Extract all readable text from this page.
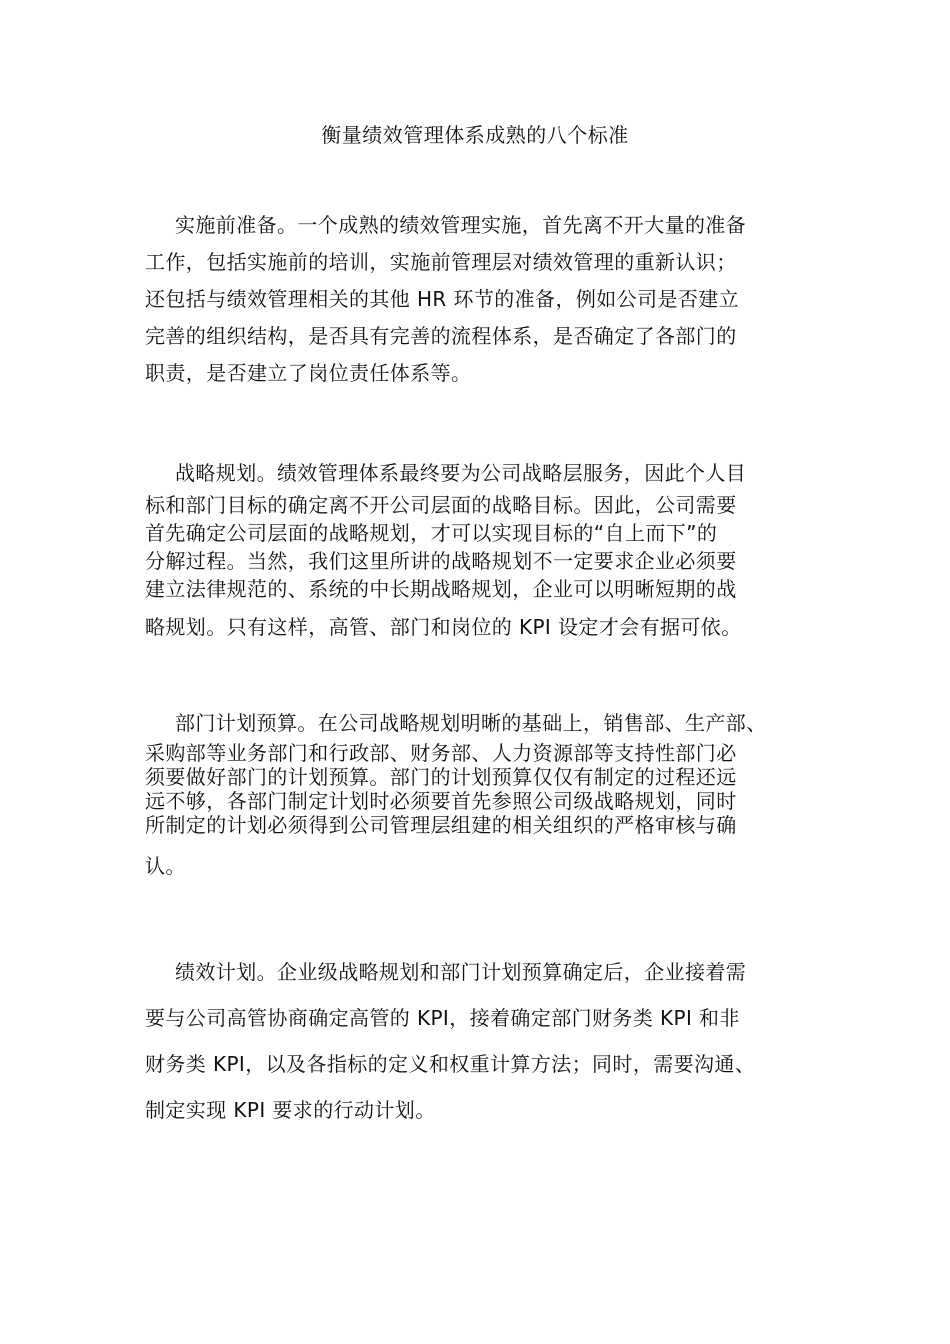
衡量绩效管理体系成熟的八个标准
实施前准备。一个成熟的绩效管理实施，首先离不开大量的准备
工作，包括实施前的培训，实施前管理层对绩效管理的重新认识；
还包括与绩效管理相关的其他 HR 环节的准备，例如公司是否建立
完善的组织结构，是否具有完善的流程体系，是否确定了各部门的
职责，是否建立了岗位责任体系等。
战略规划。绩效管理体系最终要为公司战略层服务，因此个人目
标和部门目标的确定离不开公司层面的战略目标。因此，公司需要
首先确定公司层面的战略规划，才可以实现目标的“自上而下”的
分解过程。当然，我们这里所讲的战略规划不一定要求企业必须要
建立法律规范的、系统的中长期战略规划，企业可以明晰短期的战
略规划。只有这样，高管、部门和岗位的 KPI 设定才会有据可依。
部门计划预算。在公司战略规划明晰的基础上，销售部、生产部、
采购部等业务部门和行政部、财务部、人力资源部等支持性部门必
须要做好部门的计划预算。部门的计划预算仅仅有制定的过程还远
远不够，各部门制定计划时必须要首先参照公司级战略规划，同时
所制定的计划必须得到公司管理层组建的相关组织的严格审核与确
认。
绩效计划。企业级战略规划和部门计划预算确定后，企业接着需
要与公司高管协商确定高管的 KPI，接着确定部门财务类 KPI 和非
财务类 KPI，以及各指标的定义和权重计算方法；同时，需要沟通、
制定实现 KPI 要求的行动计划。
